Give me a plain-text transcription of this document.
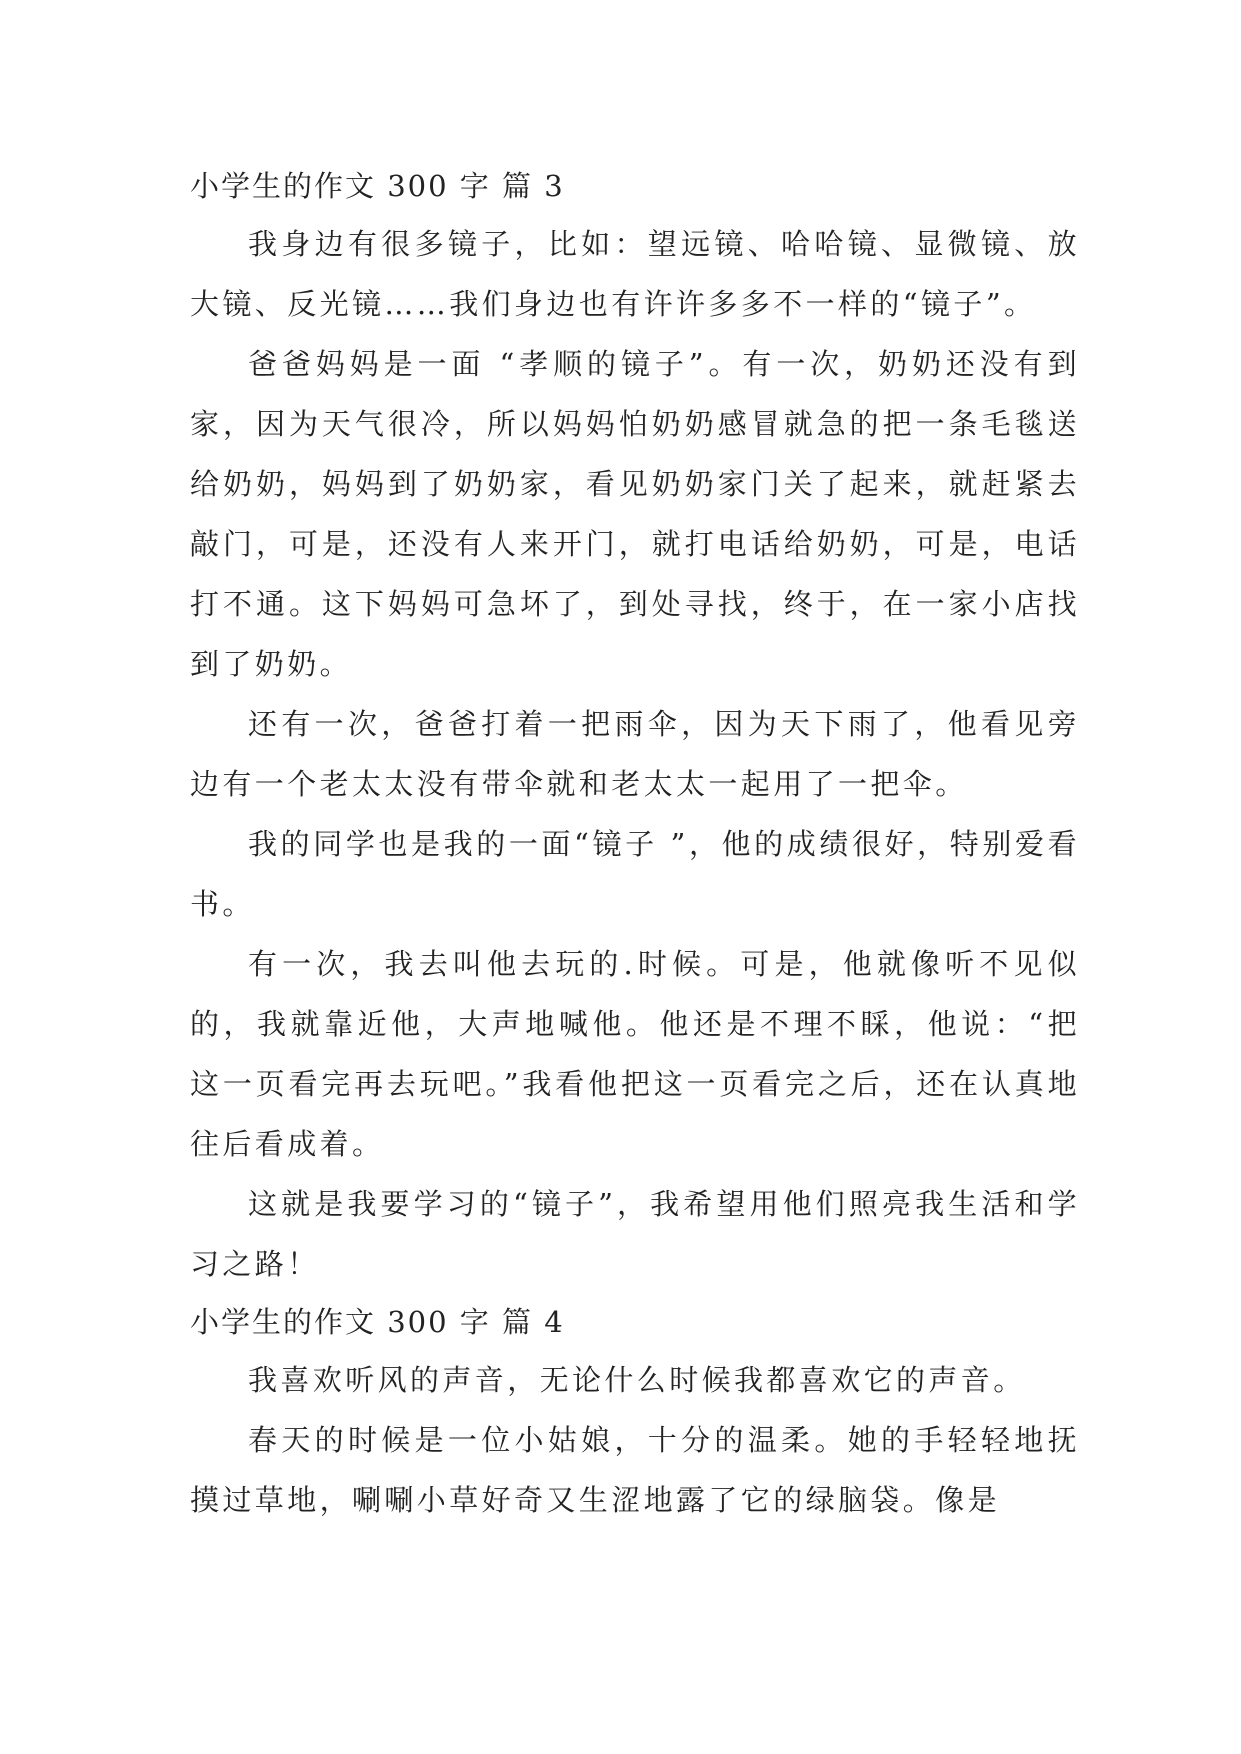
小学生的作文 300 字 篇 3

我身边有很多镜子，比如：望远镜、哈哈镜、显微镜、放大镜、反光镜……我们身边也有许许多多不一样的“镜子”。

爸爸妈妈是一面 “孝顺的镜子”。有一次，奶奶还没有到家，因为天气很冷，所以妈妈怕奶奶感冒就急的把一条毛毯送给奶奶，妈妈到了奶奶家，看见奶奶家门关了起来，就赶紧去敲门，可是，还没有人来开门，就打电话给奶奶，可是，电话打不通。这下妈妈可急坏了，到处寻找，终于，在一家小店找到了奶奶。

还有一次，爸爸打着一把雨伞，因为天下雨了，他看见旁边有一个老太太没有带伞就和老太太一起用了一把伞。

我的同学也是我的一面“镜子 ”，他的成绩很好，特别爱看书。

有一次，我去叫他去玩的.时候。可是，他就像听不见似的，我就靠近他，大声地喊他。他还是不理不睬，他说：“把这一页看完再去玩吧。”我看他把这一页看完之后，还在认真地往后看成着。

这就是我要学习的“镜子”，我希望用他们照亮我生活和学习之路！

小学生的作文 300 字 篇 4

我喜欢听风的声音，无论什么时候我都喜欢它的声音。

春天的时候是一位小姑娘，十分的温柔。她的手轻轻地抚摸过草地，唰唰小草好奇又生涩地露了它的绿脑袋。像是
